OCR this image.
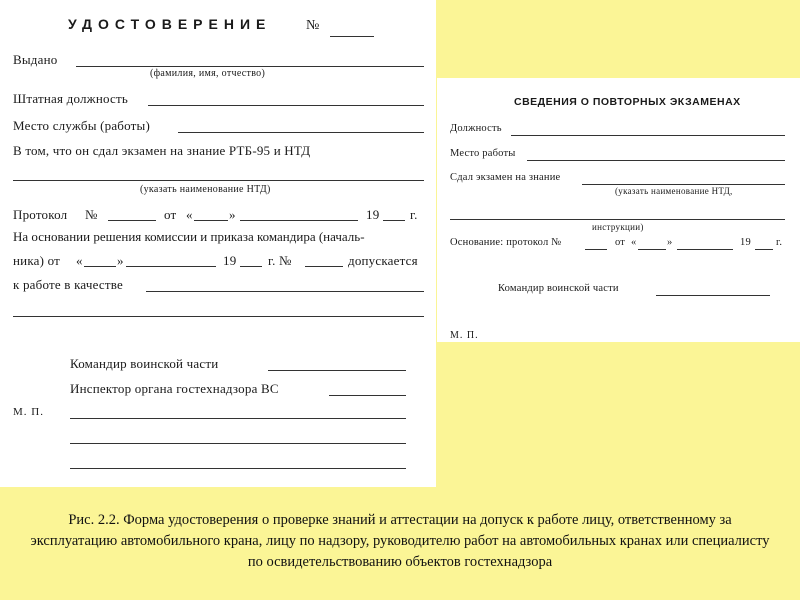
УДОСТОВЕРЕНИЕ №
Выдано
(фамилия, имя, отчество)
Штатная должность
Место службы (работы)
В том, что он сдал экзамен на знание РТБ-95 и НТД
(указать наименование НТД)
Протокол №	от «	»	19 г.
На основании решения комиссии и приказа командира (началь-
ника) от «	»	19 г. №	допускается
к работе в качестве
Командир воинской части
Инспектор органа гостехнадзора ВС
М. П.
СВЕДЕНИЯ О ПОВТОРНЫХ ЭКЗАМЕНАХ
Должность
Место работы
Сдал экзамен на знание
(указать наименование НТД,
инструкции)
Основание: протокол №	от «	»	19 г.
Командир воинской части
М. П.
Рис. 2.2. Форма удостоверения о проверке знаний и аттестации на допуск к работе лицу, ответственному за эксплуатацию автомобильного крана, лицу по надзору, руководителю работ на автомобильных кранах или специалисту по освидетельствованию объектов гостехнадзора
